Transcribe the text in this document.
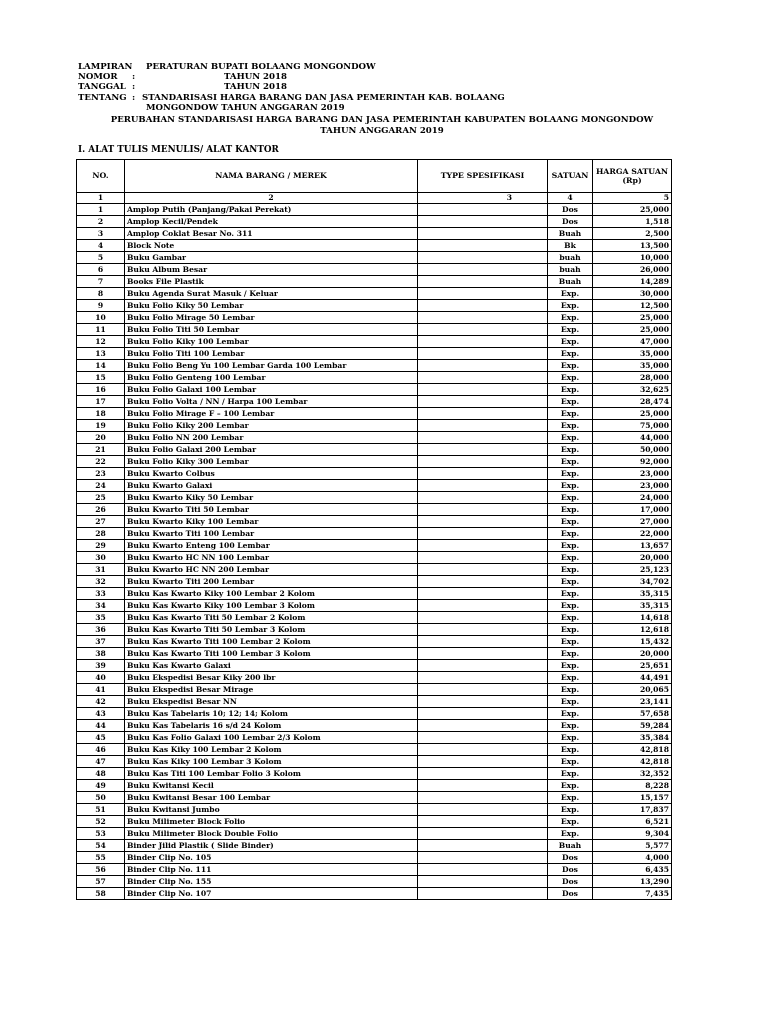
LAMPIRAN PERATURAN BUPATI BOLAANG MONGONDOW
NOMOR	:	TAHUN 2018
TANGGAL :	TAHUN 2018
TENTANG : STANDARISASI HARGA BARANG DAN JASA PEMERINTAH KAB. BOLAANG
MONGONDOW TAHUN ANGGARAN 2019
PERUBAHAN STANDARISASI HARGA BARANG DAN JASA PEMERINTAH KABUPATEN BOLAANG MONGONDOW
TAHUN ANGGARAN 2019
I. ALAT TULIS MENULIS/ ALAT KANTOR
NO.	NAMA BARANG / MEREK	TYPE SPESIFIKASI	SATUAN	HARGA SATUAN (Rp)
1	2	3	4	5
1	Amplop Putih (Panjang/Pakai Perekat)		Dos	25,000
2	Amplop Kecil/Pendek		Dos	1,518
3	Amplop Coklat Besar No. 311		Buah	2,500
4	Block Note		Bk	13,500
5	Buku Gambar		buah	10,000
6	Buku Album Besar		buah	26,000
7	Books File Plastik		Buah	14,289
8	Buku Agenda Surat Masuk / Keluar		Exp.	30,000
9	Buku Folio Kiky 50 Lembar		Exp.	12,500
10	Buku Folio Mirage 50 Lembar		Exp.	25,000
11	Buku Folio Titi 50 Lembar		Exp.	25,000
12	Buku Folio Kiky 100 Lembar		Exp.	47,000
13	Buku Folio Titi 100 Lembar		Exp.	35,000
14	Buku Folio Beng Yu 100 Lembar Garda 100 Lembar		Exp.	35,000
15	Buku Folio Genteng 100 Lembar		Exp.	28,000
16	Buku Folio Galaxi 100 Lembar		Exp.	32,625
17	Buku Folio Volta / NN / Harpa 100 Lembar		Exp.	28,474
18	Buku Folio Mirage F – 100 Lembar		Exp.	25,000
19	Buku Folio Kiky 200 Lembar		Exp.	75,000
20	Buku Folio NN 200 Lembar		Exp.	44,000
21	Buku Folio Galaxi 200 Lembar		Exp.	50,000
22	Buku Folio Kiky 300 Lembar		Exp.	92,000
23	Buku Kwarto Colbus		Exp.	23,000
24	Buku Kwarto Galaxi		Exp.	23,000
25	Buku Kwarto Kiky 50 Lembar		Exp.	24,000
26	Buku Kwarto Titi 50 Lembar		Exp.	17,000
27	Buku Kwarto Kiky 100 Lembar		Exp.	27,000
28	Buku Kwarto Titi 100 Lembar		Exp.	22,000
29	Buku Kwarto Enteng 100 Lembar		Exp.	13,657
30	Buku Kwarto HC NN 100 Lembar		Exp.	20,000
31	Buku Kwarto HC NN 200 Lembar		Exp.	25,123
32	Buku Kwarto Titi 200 Lembar		Exp.	34,702
33	Buku Kas Kwarto Kiky 100 Lembar 2 Kolom		Exp.	35,315
34	Buku Kas Kwarto Kiky 100 Lembar 3 Kolom		Exp.	35,315
35	Buku Kas Kwarto Titi 50 Lembar 2 Kolom		Exp.	14,618
36	Buku Kas Kwarto Titi 50 Lembar 3 Kolom		Exp.	12,618
37	Buku Kas Kwarto Titi 100 Lembar 2 Kolom		Exp.	15,432
38	Buku Kas Kwarto Titi 100 Lembar 3 Kolom		Exp.	20,000
39	Buku Kas Kwarto Galaxi		Exp.	25,651
40	Buku Ekspedisi Besar Kiky 200 lbr		Exp.	44,491
41	Buku Ekspedisi Besar Mirage		Exp.	20,065
42	Buku Ekspedisi Besar NN		Exp.	23,141
43	Buku Kas Tabelaris 10; 12; 14; Kolom		Exp.	57,658
44	Buku Kas Tabelaris 16 s/d 24 Kolom		Exp.	59,284
45	Buku Kas Folio Galaxi 100 Lembar 2/3 Kolom		Exp.	35,384
46	Buku Kas Kiky 100 Lembar 2 Kolom		Exp.	42,818
47	Buku Kas Kiky 100 Lembar 3 Kolom		Exp.	42,818
48	Buku Kas Titi 100 Lembar Folio 3 Kolom		Exp.	32,352
49	Buku Kwitansi Kecil		Exp.	8,228
50	Buku Kwitansi Besar 100 Lembar		Exp.	15,157
51	Buku Kwitansi Jumbo		Exp.	17,837
52	Buku Milimeter Block Folio		Exp.	6,521
53	Buku Milimeter Block Double Folio		Exp.	9,304
54	Binder Jilid Plastik ( Slide Binder)		Buah	5,577
55	Binder Clip No. 105		Dos	4,000
56	Binder Clip No. 111		Dos	6,435
57	Binder Clip No. 155		Dos	13,290
58	Binder Clip No. 107		Dos	7,435
